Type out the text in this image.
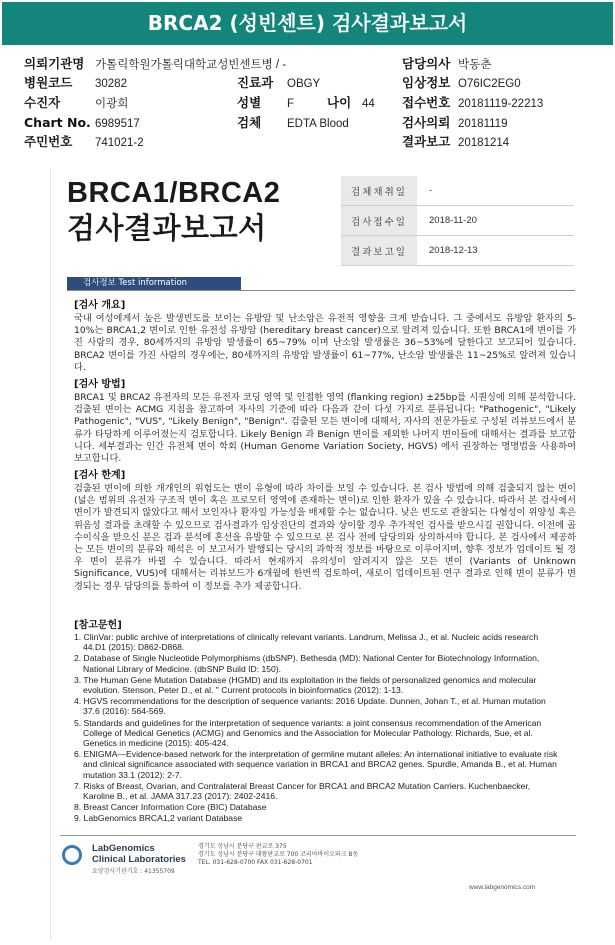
BRCA2 (성빈센트) 검사결과보고서
의뢰기관명 가톨릭학원가톨릭대학교성빈센트병 / -	담당의사 박동춘
병원코드 30282	진료과 OBGY	임상정보 O76IC2EG0
수진자	이광희	성별 F	나이 44 접수번호 20181119-22213
Chart No. 6989517	검체 EDTA Blood	검사의뢰 20181119
주민번호 741021-2	결과보고 20181214
BRCA1/BRCA2
검사결과보고서
검체채취일	-
검사접수일	2018-11-20
결과보고일	2018-12-13
검사정보 Test information
[검사 개요]

국내 여성에게서 높은 발생빈도를 보이는 유방암 및 난소암은 유전적 영향을 크게 받습니다. 그 중에서도 유방암 환자의 5-10%는 BRCA1,2 변이로 인한 유전성 유방암 (hereditary breast cancer)으로 알려져 있습니다. 또한 BRCA1에 변이를 가진 사람의 경우, 80세까지의 유방암 발생률이 65~79% 이며 난소암 발생률은 36~53%에 달한다고 보고되어 있습니다. BRCA2 변이를 가진 사람의 경우에는, 80세까지의 유방암 발생률이 61~77%, 난소암 발생률은 11~25%로 알려져 있습니다.

[검사 방법]

BRCA1 및 BRCA2 유전자의 모든 유전자 코딩 영역 및 인접한 영역 (flanking region) ±25bp를 시퀀싱에 의해 분석합니다. 검출된 변이는 ACMG 지침을 참고하여 자사의 기준에 따라 다음과 같이 다섯 가지로 분류됩니다: "Pathogenic", "Likely Pathogenic", "VUS", "Likely Benign", "Benign". 검출된 모든 변이에 대해서, 자사의 전문가들로 구성된 리뷰보드에서 분류가 타당하게 이루어졌는지 검토합니다. Likely Benign 과 Benign 변이를 제외한 나머지 변이들에 대해서는 결과를 보고합니다. 세부결과는 인간 유전체 변이 학회 (Human Genome Variation Society, HGVS) 에서 권장하는 명명법을 사용하여 보고합니다.

[검사 한계]

검출된 변이에 의한 개개인의 위험도는 변이 유형에 따라 차이를 보일 수 있습니다. 본 검사 방법에 의해 검출되지 않는 변이 (넓은 범위의 유전자 구조적 변이 혹은 프로모터 영역에 존재하는 변이)로 인한 환자가 있을 수 있습니다. 따라서 본 검사에서 변이가 발견되지 않았다고 해서 보인자나 환자일 가능성을 배제할 수는 없습니다. 낮은 빈도로 관찰되는 다형성이 위양성 혹은 위음성 결과를 초래할 수 있으므로 검사결과가 임상진단의 결과와 상이할 경우 추가적인 검사를 받으시길 권합니다. 이전에 골수이식을 받으신 분은 검과 분석에 혼선을 유발할 수 있으므로 본 검사 전에 담당의와 상의하셔야 합니다. 본 검사에서 제공하는 모든 변이의 분류와 해석은 이 보고서가 발행되는 당시의 과학적 정보를 바탕으로 이루어지며, 향후 정보가 업데이트 될 경우 변이 분류가 바뀔 수 있습니다. 따라서 현재까지 유의성이 알려지지 않은 모든 변이 (Variants of Unknown Significance, VUS)에 대해서는 리뷰보드가 6개월에 한번씩 검토하여, 새로이 업데이트된 연구 결과로 인해 변이 분류가 변경되는 경우 담당의를 통하여 이 정보를 추가 제공합니다.

[참고문헌]
1. ClinVar: public archive of interpretations of clinically relevant variants. Landrum, Melissa J., et al. Nucleic acids research 44.D1 (2015): D862-D868.
2. Database of Single Nucleotide Polymorphisms (dbSNP). Bethesda (MD): National Center for Biotechnology Information, National Library of Medicine. (dbSNP Build ID: 150).
3. The Human Gene Mutation Database (HGMD) and its exploitation in the fields of personalized genomics and molecular evolution. Stenson, Peter D., et al. " Current protocols in bioinformatics (2012): 1-13.
4. HGVS recommendations for the description of sequence variants: 2016 Update. Dunnen, Johan T., et al. Human mutation 37.6 (2016): 564-569.
5. Standards and guidelines for the interpretation of sequence variants: a joint consensus recommendation of the American College of Medical Genetics (ACMG) and Genomics and the Association for Molecular Pathology. Richards, Sue, et al. Genetics in medicine (2015): 405-424.
6. ENIGMA—Evidence-based network for the interpretation of germline mutant alleles: An international initiative to evaluate risk and clinical significance associated with sequence variation in BRCA1 and BRCA2 genes. Spurdle, Amanda B., et al. Human mutation 33.1 (2012): 2-7.
7. Risks of Breast, Ovarian, and Contralateral Breast Cancer for BRCA1 and BRCA2 Mutation Carriers. Kuchenbaecker, Karoline B., et al. JAMA 317.23 (2017): 2402-2416.
8. Breast Cancer Information Core (BIC) Database
9. LabGenomics BRCA1,2 variant Database
LabGenomics
Clinical Laboratories
요양검사기관기호 : 41355709
경기도 성남시 분당구 판교로 375
경기도 성남시 분당구 대왕판교로 700 코리아바이오파크 B동
TEL. 031-628-0700 FAX 031-628-0701
www.labgenomics.com
